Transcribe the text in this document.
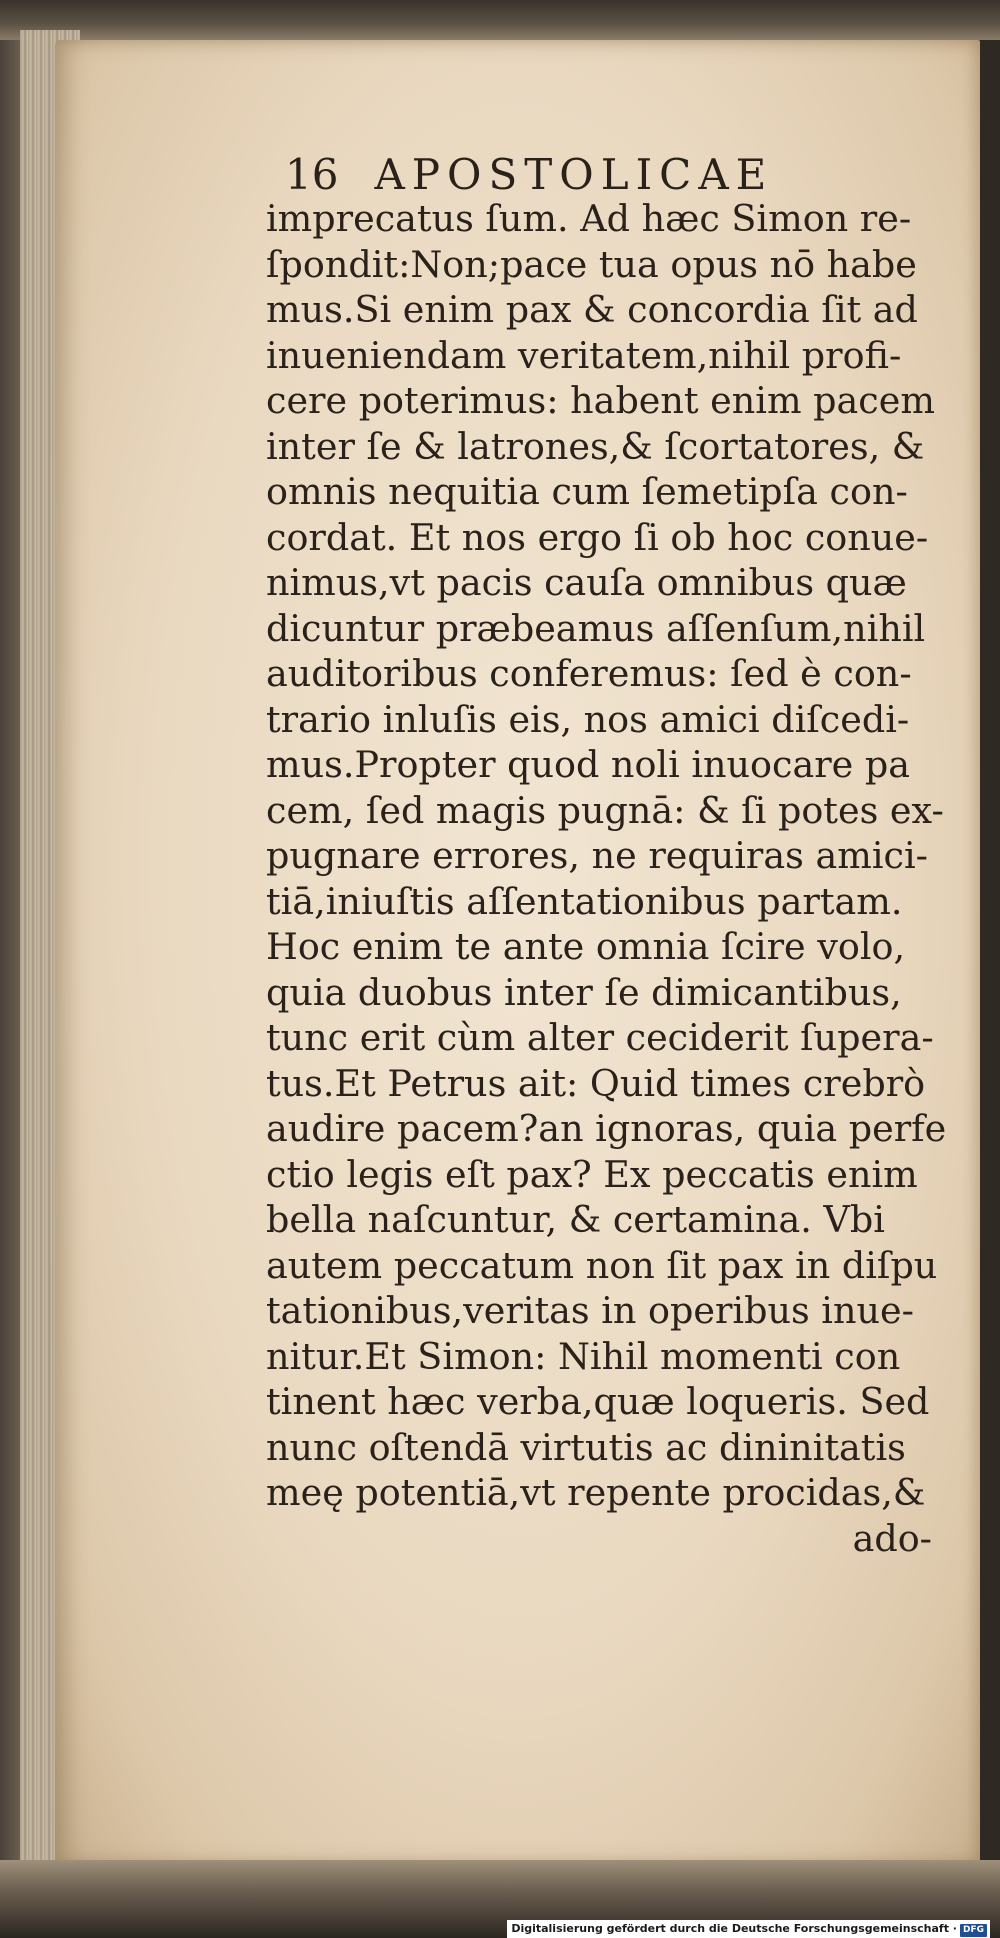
16 APOSTOLICAE
imprecatus ſum. Ad hæc Simon re-
ſpondit:Non;pace tua opus nō habe
mus.Si enim pax & concordia ſit ad
inueniendam veritatem,nihil profi-
cere poterimus: habent enim pacem
inter ſe & latrones,& ſcortatores, &
omnis nequitia cum ſemetipſa con-
cordat. Et nos ergo ſi ob hoc conue-
nimus,vt pacis cauſa omnibus quæ
dicuntur præbeamus aſſenſum,nihil
auditoribus conferemus: ſed è con-
trario inluſis eis, nos amici diſcedi-
mus.Propter quod noli inuocare pa
cem, ſed magis pugnā: & ſi potes ex-
pugnare errores, ne requiras amici-
tiā,iniuſtis aſſentationibus partam.
Hoc enim te ante omnia ſcire volo,
quia duobus inter ſe dimicantibus,
tunc erit cùm alter ceciderit ſupera-
tus.Et Petrus ait: Quid times crebrò
audire pacem?an ignoras, quia perfe
ctio legis eſt pax? Ex peccatis enim
bella naſcuntur, & certamina. Vbi
autem peccatum non ſit pax in diſpu
tationibus,veritas in operibus inue-
nitur.Et Simon: Nihil momenti con
tinent hæc verba,quæ loqueris. Sed
nunc oſtendā virtutis ac dininitatis
meę potentiā,vt repente procidas,&
ado-
Digitalisierung gefördert durch die Deutsche Forschungsgemeinschaft · DFG
